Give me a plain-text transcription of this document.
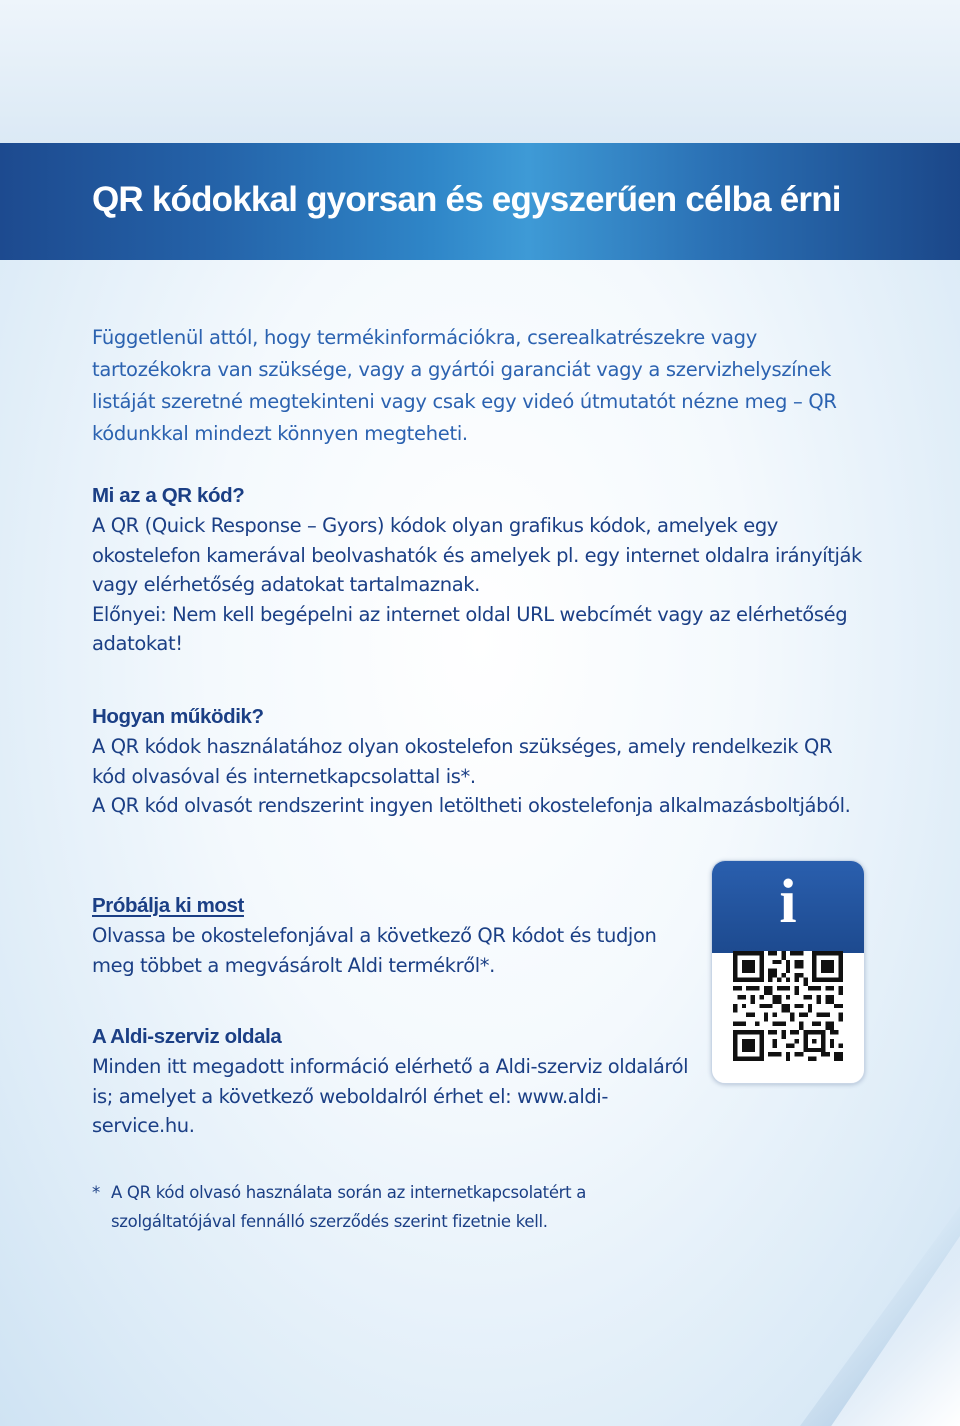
QR kódokkal gyorsan és egyszerűen célba érni

Függetlenül attól, hogy termékinformációkra, cserealkatrészekre vagy tartozékokra van szüksége, vagy a gyártói garanciát vagy a szervizhelyszínek listáját szeretné megtekinteni vagy csak egy videó útmutatót nézne meg – QR kódunkkal mindezt könnyen megteheti.

Mi az a QR kód?

A QR (Quick Response – Gyors) kódok olyan grafikus kódok, amelyek egy okostelefon kamerával beolvashatók és amelyek pl. egy internet oldalra irányítják vagy elérhetőség adatokat tartalmaznak.

Előnyei: Nem kell begépelni az internet oldal URL webcímét vagy az elérhetőség adatokat!

Hogyan működik?

A QR kódok használatához olyan okostelefon szükséges, amely rendelkezik QR kód olvasóval és internetkapcsolattal is*.

A QR kód olvasót rendszerint ingyen letöltheti okostelefonja alkalmazásboltjából.

Próbálja ki most

Olvassa be okostelefonjával a következő QR kódot és tudjon meg többet a megvásárolt Aldi termékről*.

A Aldi-szerviz oldala

Minden itt megadott információ elérhető a Aldi-szerviz oldaláról is; amelyet a következő weboldalról érhet el: www.aldi-service.hu.

* A QR kód olvasó használata során az internetkapcsolatért a szolgáltatójával fennálló szerződés szerint fizetnie kell.
i
